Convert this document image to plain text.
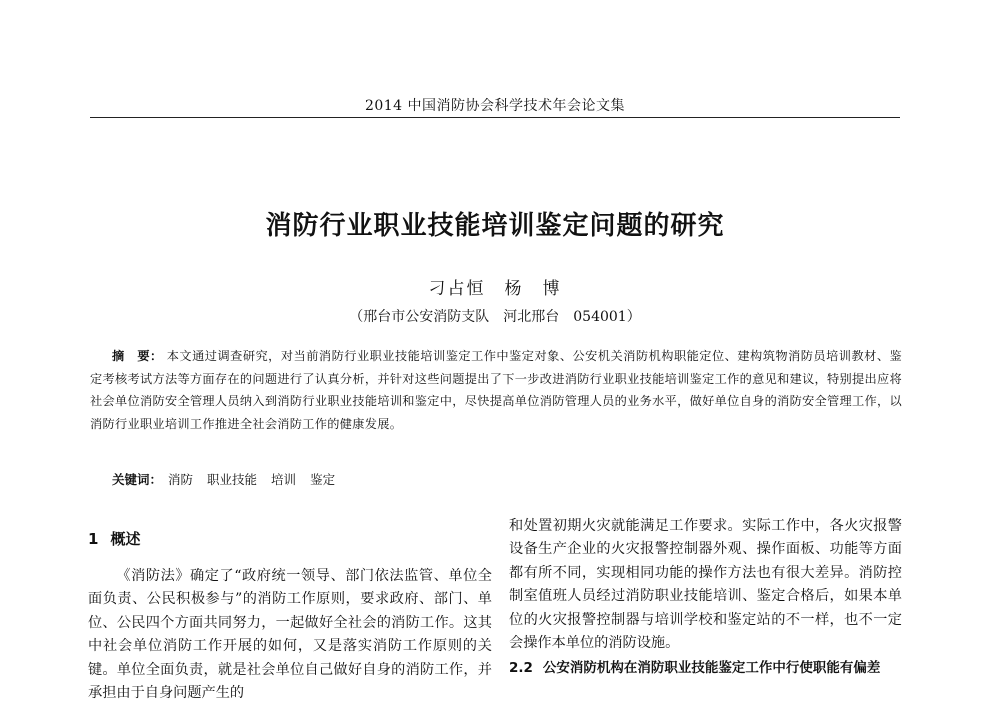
2014 中国消防协会科学技术年会论文集
消防行业职业技能培训鉴定问题的研究
刁占恒　杨　博
（邢台市公安消防支队　河北邢台　054001）
摘　要： 本文通过调查研究，对当前消防行业职业技能培训鉴定工作中鉴定对象、公安机关消防机构职能定位、建构筑物消防员培训教材、鉴定考核考试方法等方面存在的问题进行了认真分析，并针对这些问题提出了下一步改进消防行业职业技能培训鉴定工作的意见和建议，特别提出应将社会单位消防安全管理人员纳入到消防行业职业技能培训和鉴定中，尽快提高单位消防管理人员的业务水平，做好单位自身的消防安全管理工作，以消防行业职业培训工作推进全社会消防工作的健康发展。
关键词： 消防 职业技能 培训 鉴定
1 概述

《消防法》确定了“政府统一领导、部门依法监管、单位全面负责、公民积极参与”的消防工作原则，要求政府、部门、单位、公民四个方面共同努力，一起做好全社会的消防工作。这其中社会单位消防工作开展的如何，又是落实消防工作原则的关键。单位全面负责，就是社会单位自己做好自身的消防工作，并承担由于自身问题产生的

和处置初期火灾就能满足工作要求。实际工作中，各火灾报警设备生产企业的火灾报警控制器外观、操作面板、功能等方面都有所不同，实现相同功能的操作方法也有很大差异。消防控制室值班人员经过消防职业技能培训、鉴定合格后，如果本单位的火灾报警控制器与培训学校和鉴定站的不一样，也不一定会操作本单位的消防设施。

2.2 公安消防机构在消防职业技能鉴定工作中行使职能有偏差
